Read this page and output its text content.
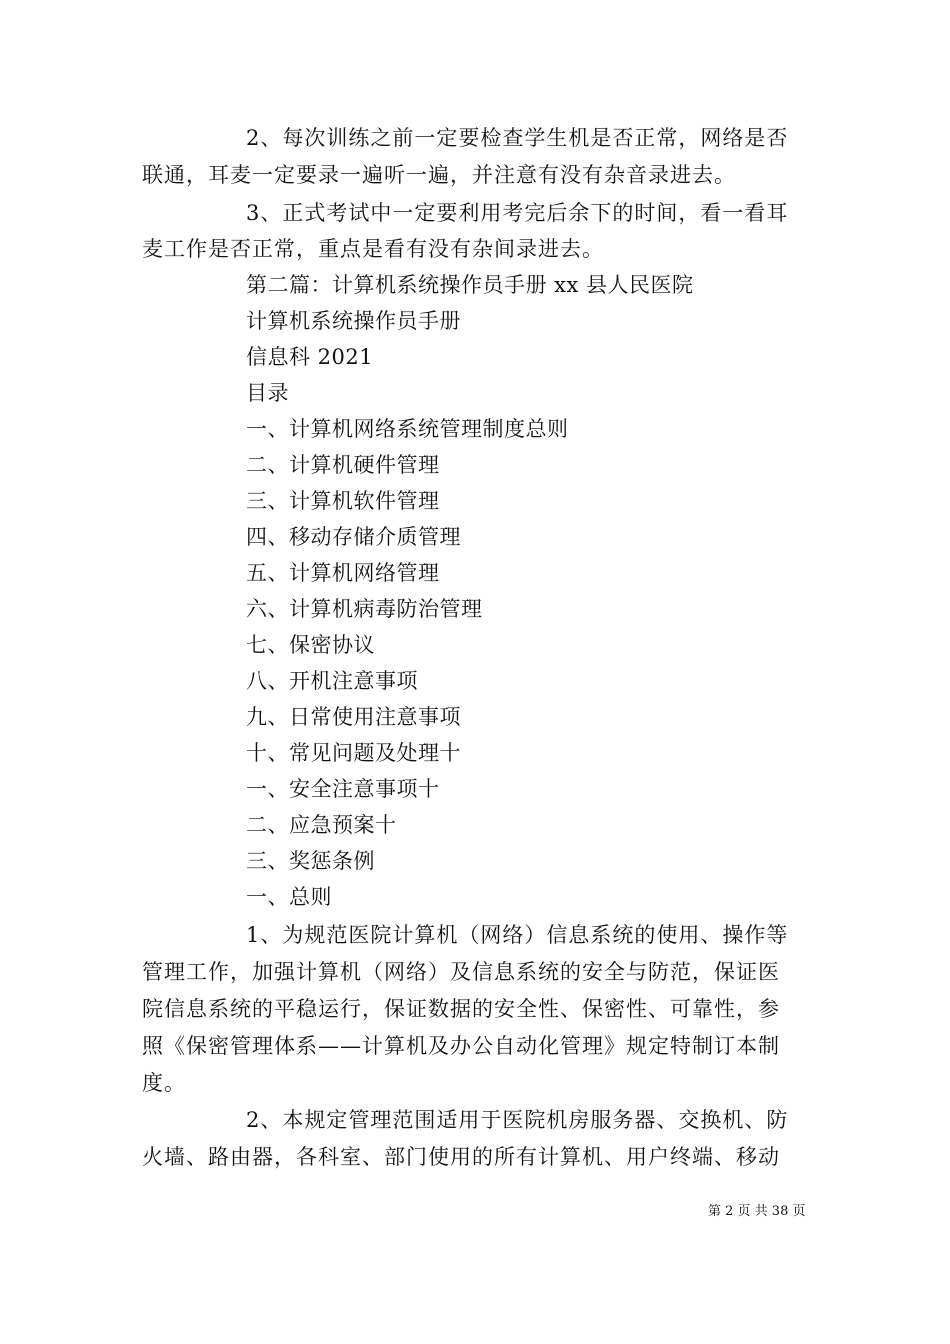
2、每次训练之前一定要检查学生机是否正常，网络是否
联通，耳麦一定要录一遍听一遍，并注意有没有杂音录进去。
3、正式考试中一定要利用考完后余下的时间，看一看耳
麦工作是否正常，重点是看有没有杂间录进去。
第二篇：计算机系统操作员手册 xx 县人民医院
计算机系统操作员手册
信息科 2021
目录
一、计算机网络系统管理制度总则
二、计算机硬件管理
三、计算机软件管理
四、移动存储介质管理
五、计算机网络管理
六、计算机病毒防治管理
七、保密协议
八、开机注意事项
九、日常使用注意事项
十、常见问题及处理十
一、安全注意事项十
二、应急预案十
三、奖惩条例
一、总则
1、为规范医院计算机（网络）信息系统的使用、操作等
管理工作，加强计算机（网络）及信息系统的安全与防范，保证医
院信息系统的平稳运行，保证数据的安全性、保密性、可靠性，参
照《保密管理体系——计算机及办公自动化管理》规定特制订本制
度。
2、本规定管理范围适用于医院机房服务器、交换机、防
火墙、路由器，各科室、部门使用的所有计算机、用户终端、移动
第 2 页 共 38 页
